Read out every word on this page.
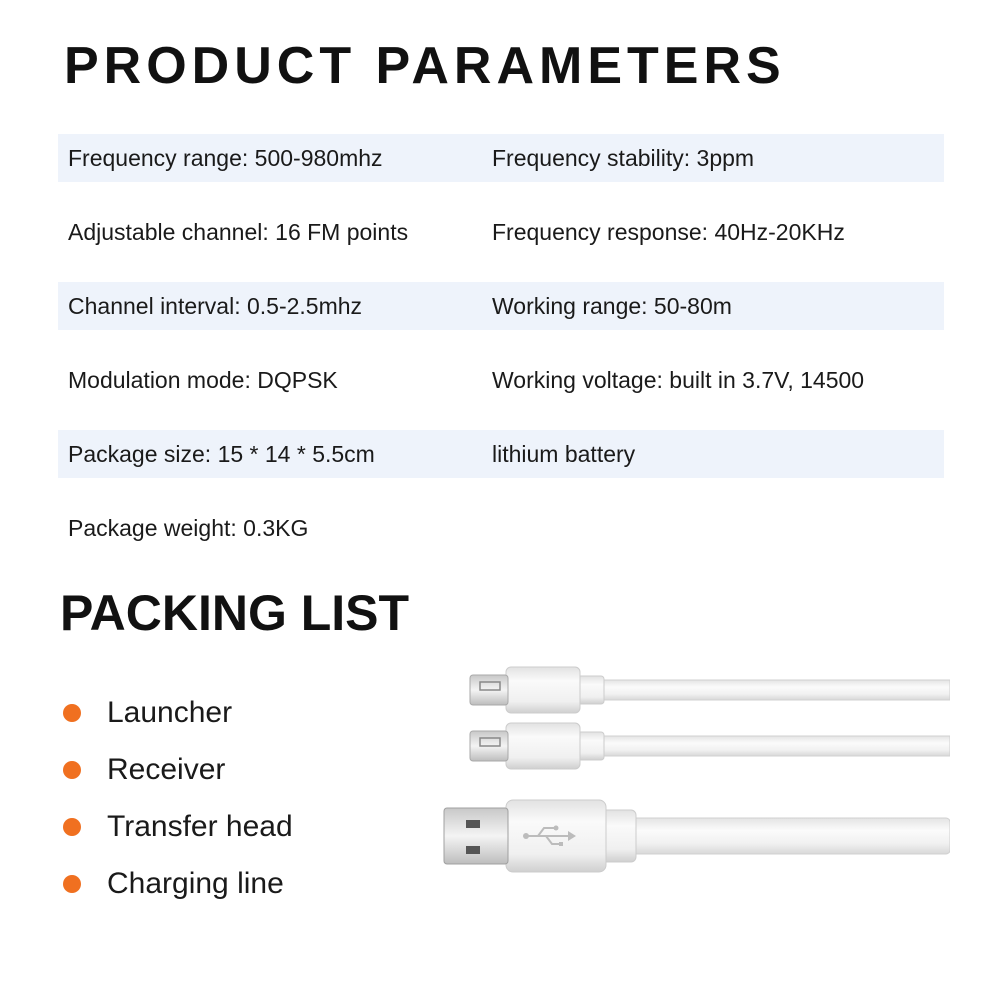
PRODUCT PARAMETERS
Frequency range: 500-980mhz	Frequency stability: 3ppm
Adjustable channel: 16 FM points	Frequency response: 40Hz-20KHz
Channel interval: 0.5-2.5mhz	Working range: 50-80m
Modulation mode: DQPSK	Working voltage: built in 3.7V, 14500
Package size: 15 * 14 * 5.5cm	lithium battery
Package weight: 0.3KG
PACKING LIST
Launcher
Receiver
Transfer head
Charging line
